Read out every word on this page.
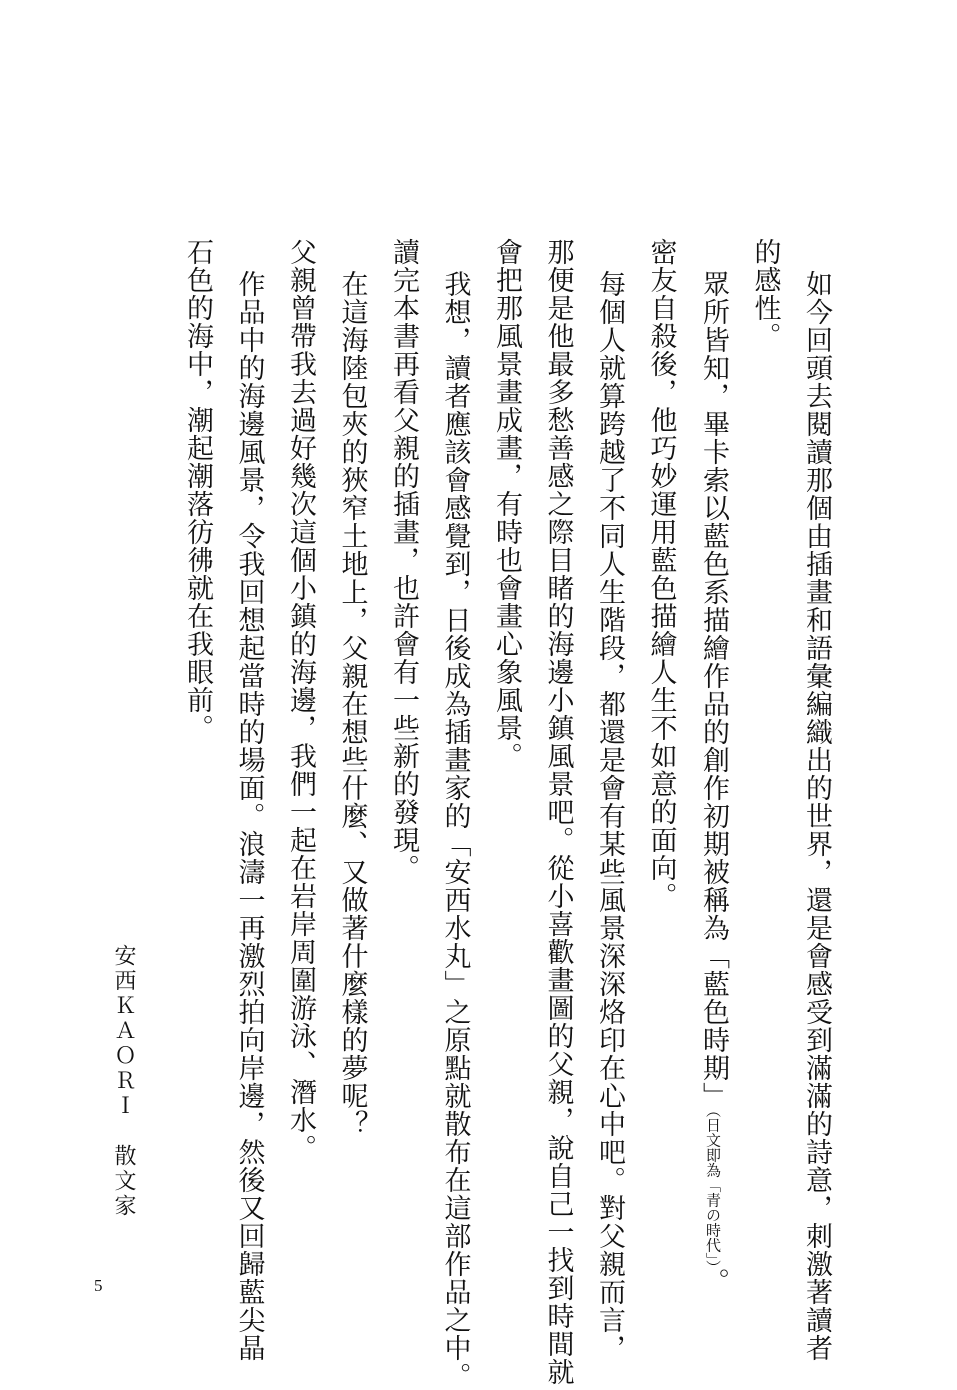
如今回頭去閱讀那個由插畫和語彙編織出的世界，還是會感受到滿滿的詩意，刺激著讀者
的感性。
眾所皆知，畢卡索以藍色系描繪作品的創作初期被稱為「藍色時期」（日文即為「青の時代」）。
密友自殺後，他巧妙運用藍色描繪人生不如意的面向。
每個人就算跨越了不同人生階段，都還是會有某些風景深深烙印在心中吧。對父親而言，
那便是他最多愁善感之際目睹的海邊小鎮風景吧。從小喜歡畫圖的父親，說自己一找到時間就
會把那風景畫成畫，有時也會畫心象風景。
我想，讀者應該會感覺到，日後成為插畫家的「安西水丸」之原點就散布在這部作品之中。
讀完本書再看父親的插畫，也許會有一些新的發現。
在這海陸包夾的狹窄土地上，父親在想些什麼、又做著什麼樣的夢呢？
父親曾帶我去過好幾次這個小鎮的海邊，我們一起在岩岸周圍游泳、潛水。
作品中的海邊風景，令我回想起當時的場面。浪濤一再激烈拍向岸邊，然後又回歸藍尖晶
石色的海中，潮起潮落彷彿就在我眼前。
安西ＫＡＯＲＩ　散文家
5
